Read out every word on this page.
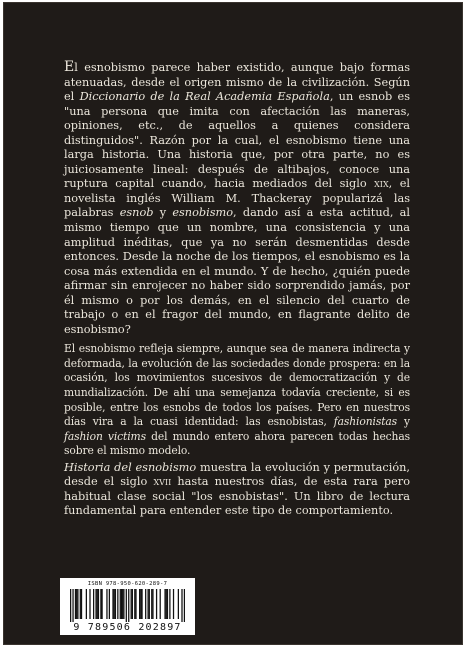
El esnobismo parece haber existido, aunque bajo formas atenuadas, desde el origen mismo de la civilización. Según el Diccionario de la Real Academia Española, un esnob es "una persona que imita con afectación las maneras, opiniones, etc., de aquellos a quienes considera distinguidos". Razón por la cual, el esnobismo tiene una larga historia. Una historia que, por otra parte, no es juiciosamente lineal: después de altibajos, conoce una ruptura capital cuando, hacia mediados del siglo xix, el novelista inglés William M. Thackeray popularizá las palabras esnob y esnobismo, dando así a esta actitud, al mismo tiempo que un nombre, una consistencia y una amplitud inéditas, que ya no serán desmentidas desde entonces. Desde la noche de los tiempos, el esnobismo es la cosa más extendida en el mundo. Y de hecho, ¿quién puede afirmar sin enrojecer no haber sido sorprendido jamás, por él mismo o por los demás, en el silencio del cuarto de trabajo o en el fragor del mundo, en flagrante delito de esnobismo?

El esnobismo refleja siempre, aunque sea de manera indirecta y deformada, la evolución de las sociedades donde prospera: en la ocasión, los movimientos sucesivos de democratización y de mundialización. De ahí una semejanza todavía creciente, si es posible, entre los esnobs de todos los países. Pero en nuestros días vira a la cuasi identidad: las esnobistas, fashionistas y fashion victims del mundo entero ahora parecen todas hechas sobre el mismo modelo.

Historia del esnobismo muestra la evolución y permutación, desde el siglo xvii hasta nuestros días, de esta rara pero habitual clase social "los esnobistas". Un libro de lectura fundamental para entender este tipo de comportamiento.

ISBN 978-950-620-289-7
9 789506 202897
